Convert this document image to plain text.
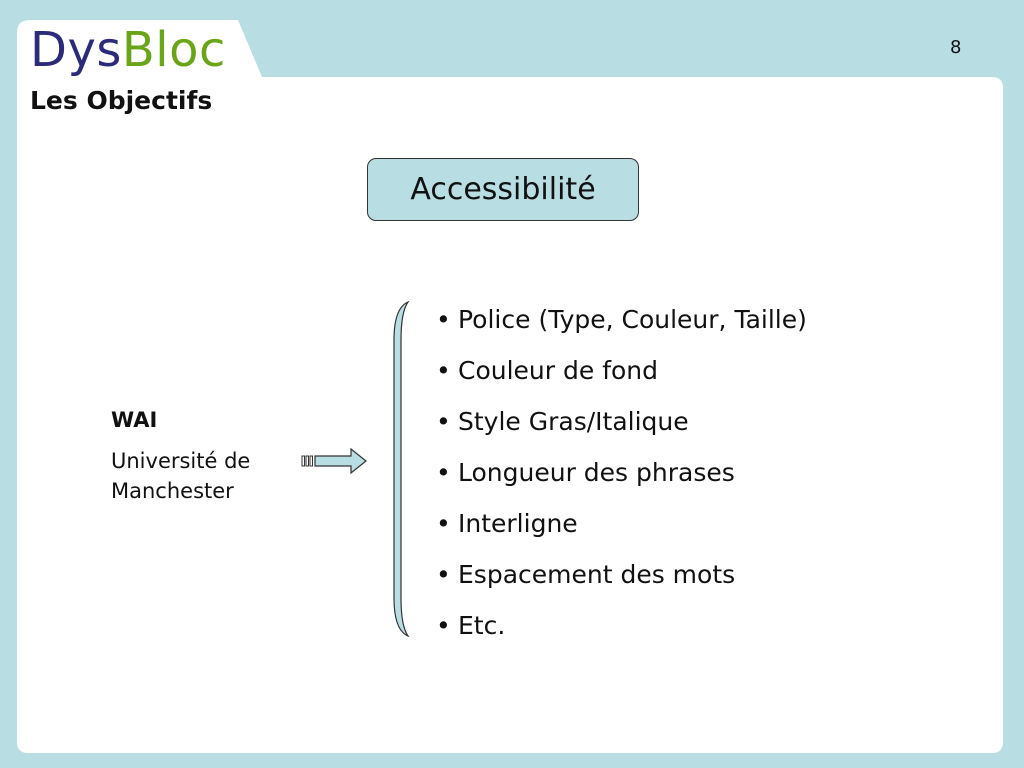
DysBloc
Les Objectifs
8
Accessibilité
WAI
Université de
Manchester
• Police (Type, Couleur, Taille)
• Couleur de fond
• Style Gras/Italique
• Longueur des phrases
• Interligne
• Espacement des mots
• Etc.
